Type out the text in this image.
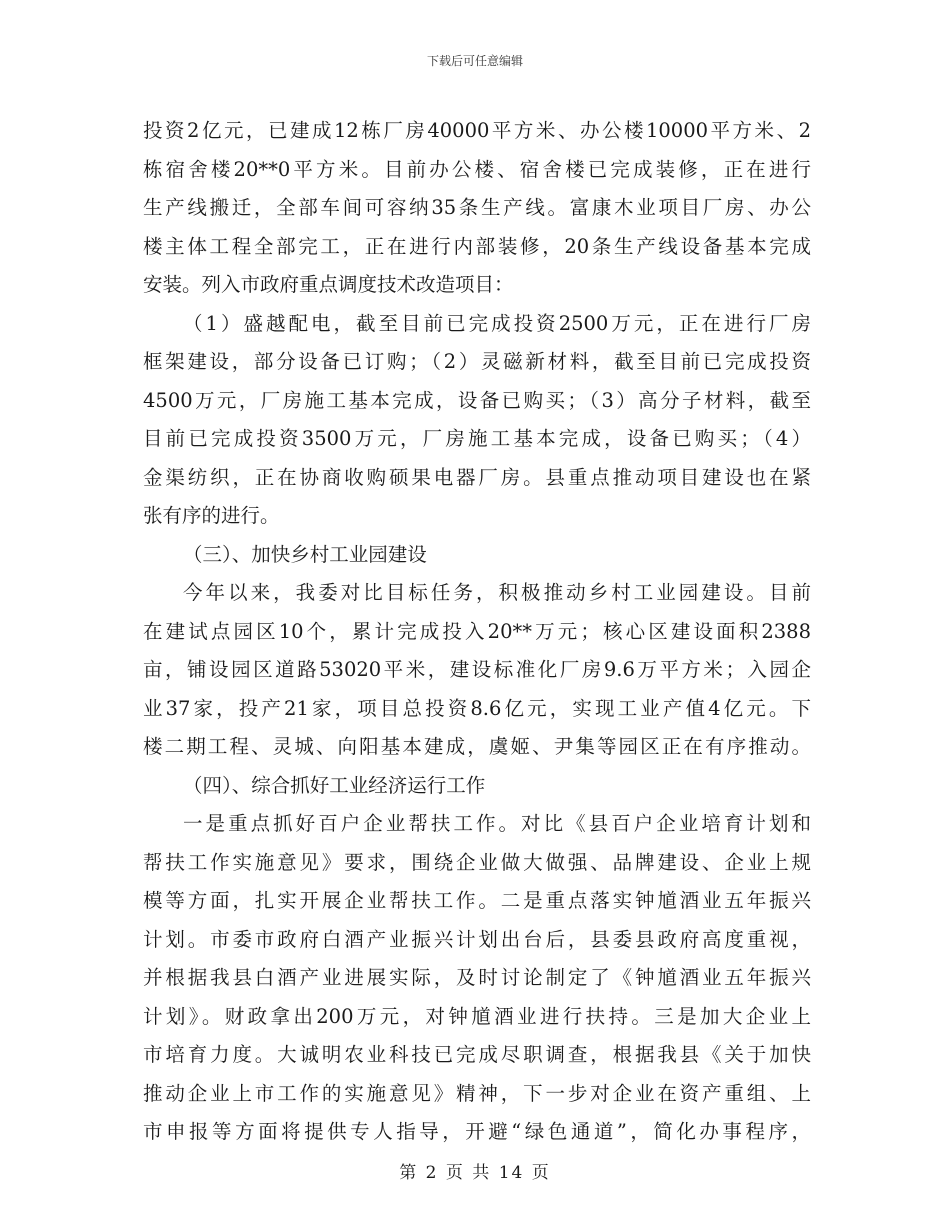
下载后可任意编辑
投资2亿元，已建成12栋厂房40000平方米、办公楼10000平方米、2
栋宿舍楼20**0平方米。目前办公楼、宿舍楼已完成装修，正在进行
生产线搬迁，全部车间可容纳35条生产线。富康木业项目厂房、办公
楼主体工程全部完工，正在进行内部装修，20条生产线设备基本完成
安装。列入市政府重点调度技术改造项目：
（1）盛越配电，截至目前已完成投资2500万元，正在进行厂房
框架建设，部分设备已订购；（2）灵磁新材料，截至目前已完成投资
4500万元，厂房施工基本完成，设备已购买；（3）高分子材料，截至
目前已完成投资3500万元，厂房施工基本完成，设备已购买；（4）
金渠纺织，正在协商收购硕果电器厂房。县重点推动项目建设也在紧
张有序的进行。
（三）、加快乡村工业园建设
今年以来，我委对比目标任务，积极推动乡村工业园建设。目前
在建试点园区10个，累计完成投入20**万元；核心区建设面积2388
亩，铺设园区道路53020平米，建设标准化厂房9.6万平方米；入园企
业37家，投产21家，项目总投资8.6亿元，实现工业产值4亿元。下
楼二期工程、灵城、向阳基本建成，虞姬、尹集等园区正在有序推动。
（四）、综合抓好工业经济运行工作
一是重点抓好百户企业帮扶工作。对比《县百户企业培育计划和
帮扶工作实施意见》要求，围绕企业做大做强、品牌建设、企业上规
模等方面，扎实开展企业帮扶工作。二是重点落实钟馗酒业五年振兴
计划。市委市政府白酒产业振兴计划出台后，县委县政府高度重视，
并根据我县白酒产业进展实际，及时讨论制定了《钟馗酒业五年振兴
计划》。财政拿出200万元，对钟馗酒业进行扶持。三是加大企业上
市培育力度。大诚明农业科技已完成尽职调查，根据我县《关于加快
推动企业上市工作的实施意见》精神，下一步对企业在资产重组、上
市申报等方面将提供专人指导，开避“绿色通道”，简化办事程序，
第 2 页 共 14 页
